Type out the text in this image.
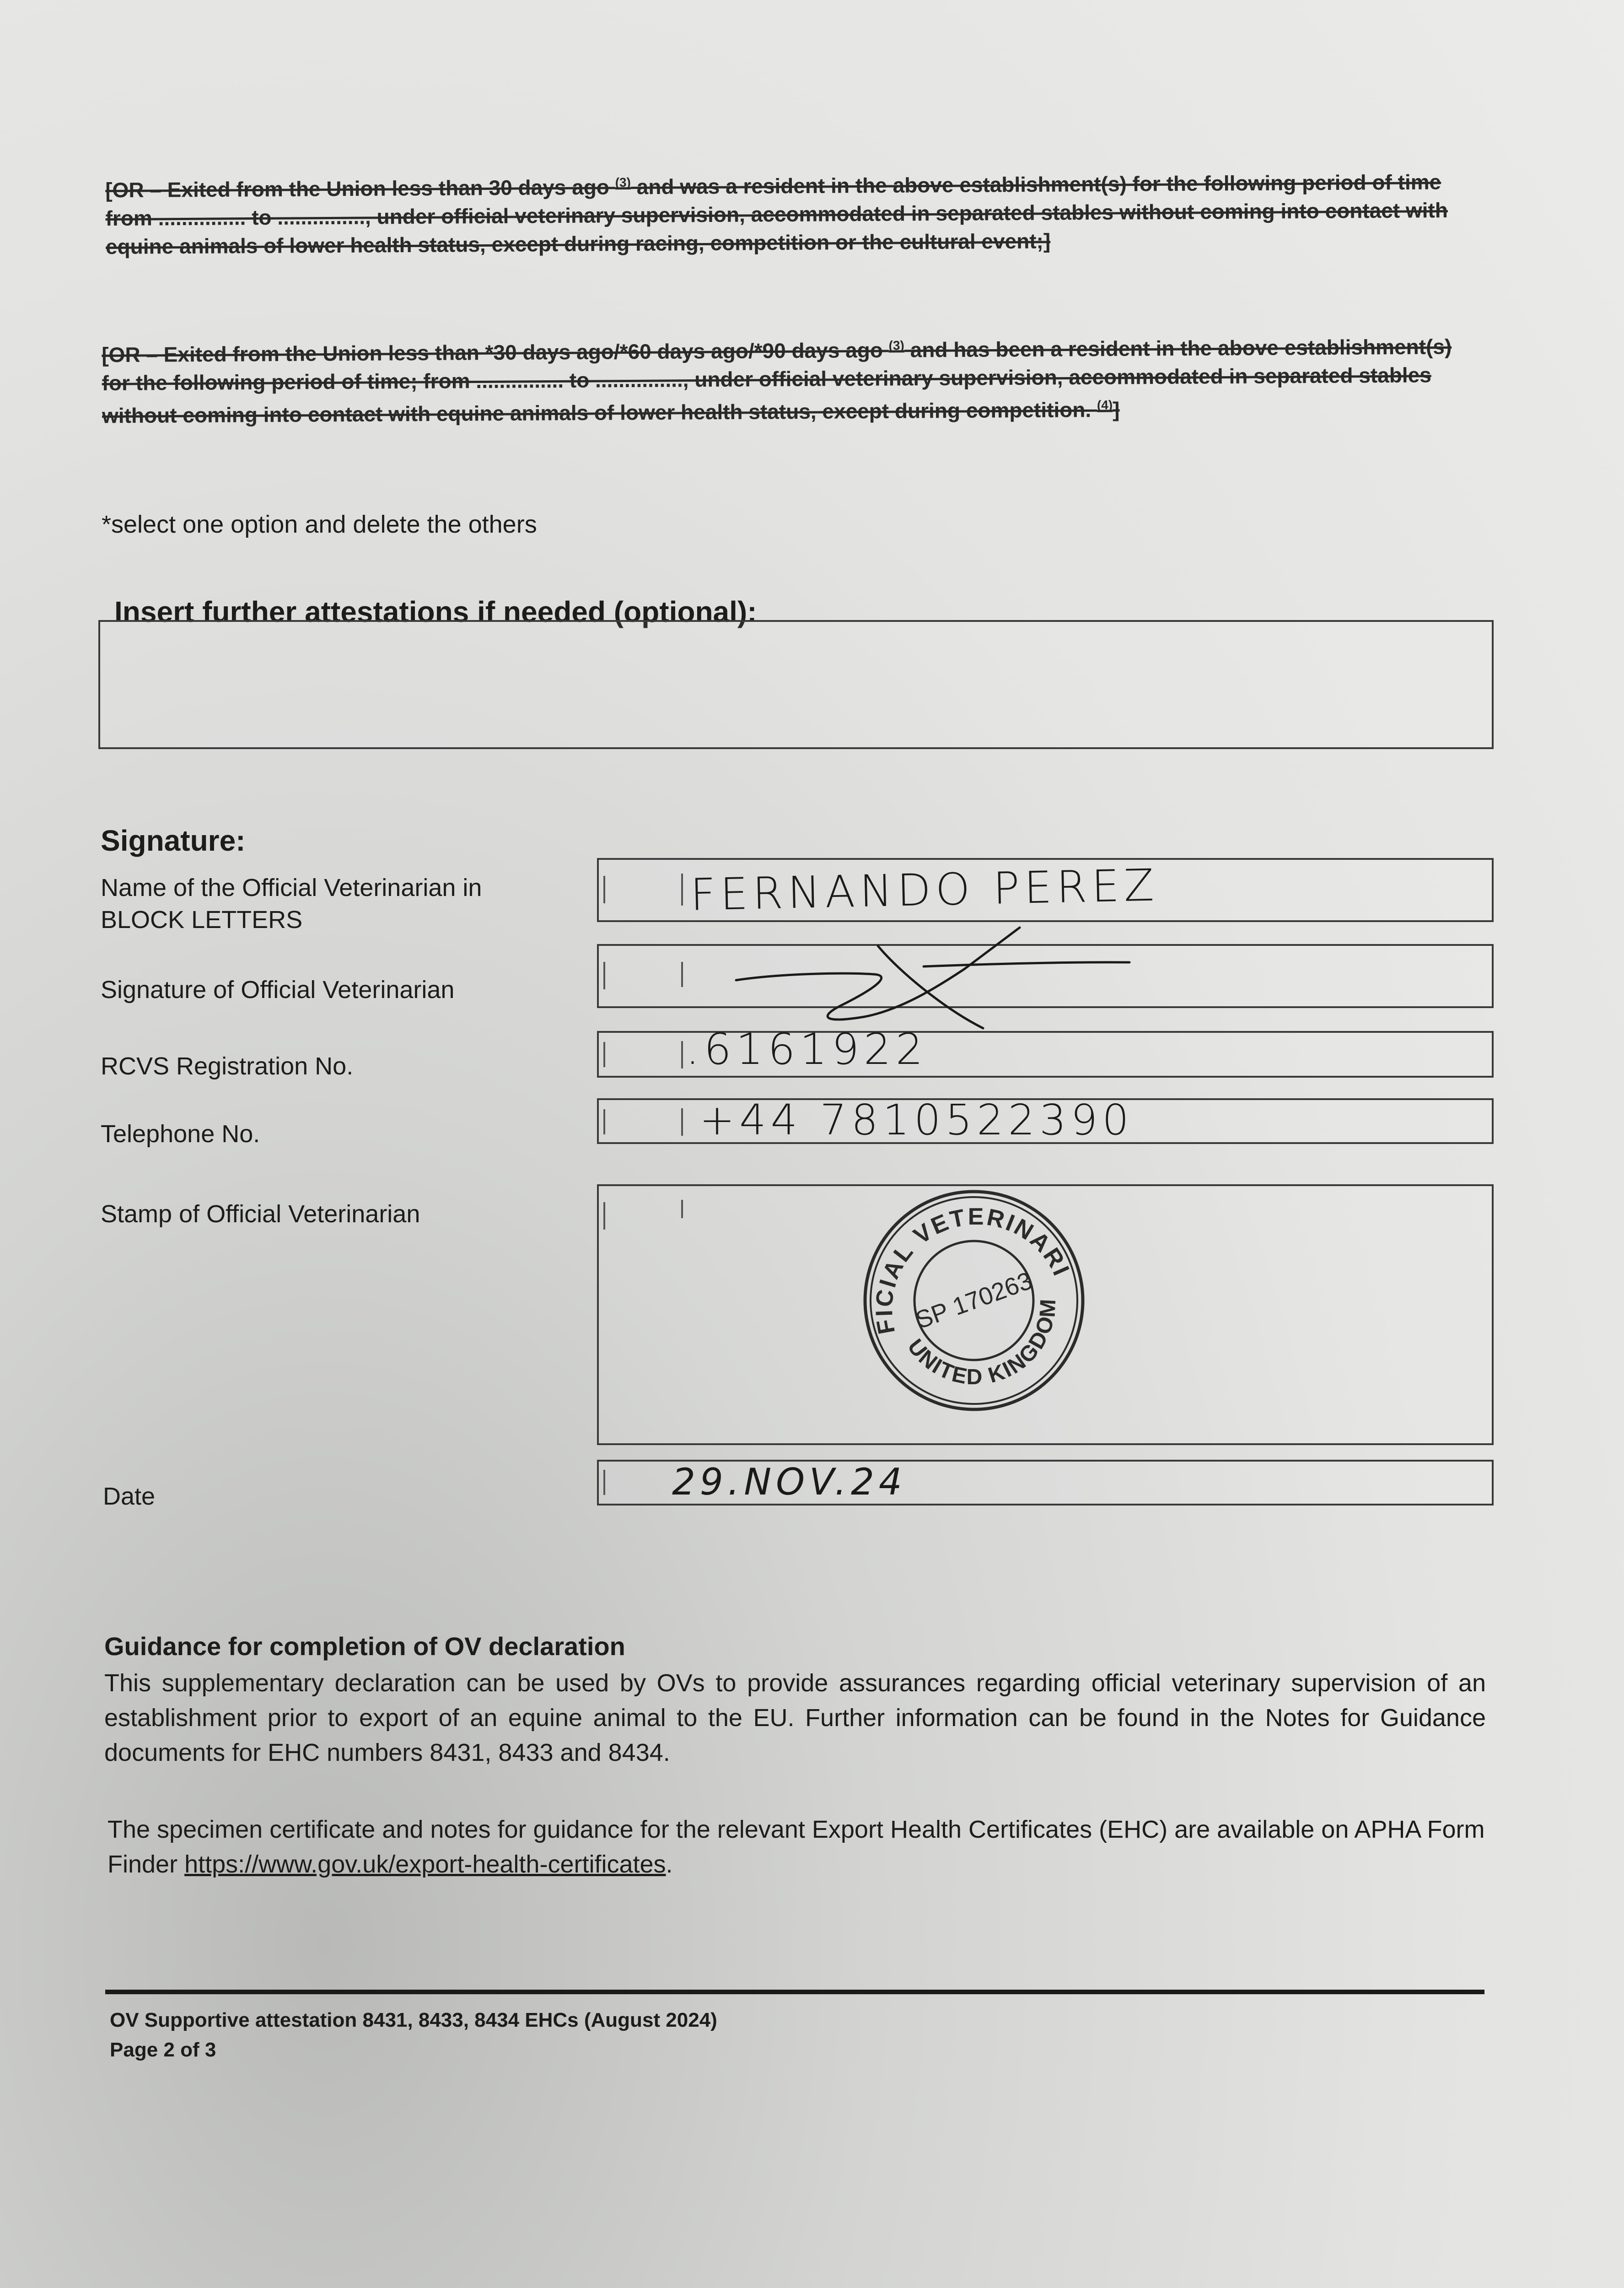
[OR – Exited from the Union less than 30 days ago $^{(3)}$ and was a resident in the above establishment(s) for the following period of time from ............... to ..............., under official veterinary supervision, accommodated in separated stables without coming into contact with equine animals of lower health status, except during racing, competition or the cultural event;]
[OR – Exited from the Union less than *30 days ago/*60 days ago/*90 days ago $^{(3)}$ and has been a resident in the above establishment(s) for the following period of time; from ............... to ..............., under official veterinary supervision, accommodated in separated stables without coming into contact with equine animals of lower health status, except during competition. $^{(4)}$]
*select one option and delete the others
Insert further attestations if needed (optional):
Signature:
Name of the Official Veterinarian in BLOCK LETTERS	FERNANDO PEREZ
Signature of Official Veterinarian
RCVS Registration No.	.6161922
Telephone No.	+44 7810522390
Stamp of Official Veterinarian	OFFICIAL VETERINARIAN
UNITED KINGDOM
SP 170263
Date	29.NOV.24
Guidance for completion of OV declaration
This supplementary declaration can be used by OVs to provide assurances regarding official veterinary supervision of an establishment prior to export of an equine animal to the EU. Further information can be found in the Notes for Guidance documents for EHC numbers 8431, 8433 and 8434.
The specimen certificate and notes for guidance for the relevant Export Health Certificates (EHC) are available on APHA Form Finder https://www.gov.uk/export-health-certificates.
OV Supportive attestation 8431, 8433, 8434 EHCs (August 2024)
Page 2 of 3
